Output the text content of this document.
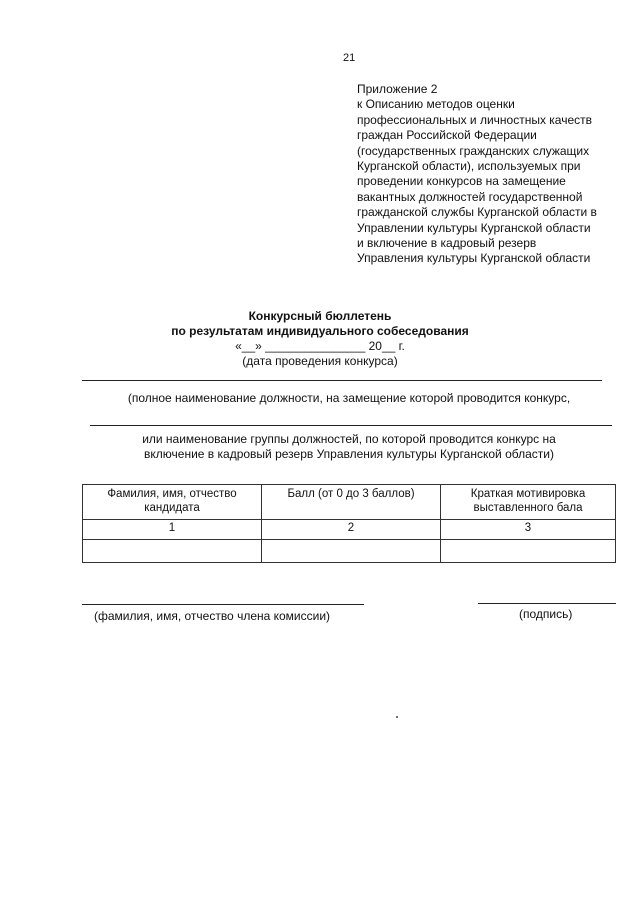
21
Приложение 2
к Описанию методов оценки
профессиональных и личностных качеств
граждан Российской Федерации
(государственных гражданских служащих
Курганской области), используемых при
проведении конкурсов на замещение
вакантных должностей государственной
гражданской службы Курганской области в
Управлении культуры Курганской области
и включение в кадровый резерв
Управления культуры Курганской области
Конкурсный бюллетень
по результатам индивидуального собеседования
«__» _______________ 20__ г.
(дата проведения конкурса)
(полное наименование должности, на замещение которой проводится конкурс,
или наименование группы должностей, по которой проводится конкурс на
включение в кадровый резерв Управления культуры Курганской области)
Фамилия, имя, отчество кандидата	Балл (от 0 до 3 баллов)	Краткая мотивировка выставленного бала
1	2	3

(фамилия, имя, отчество члена комиссии)	(подпись)
